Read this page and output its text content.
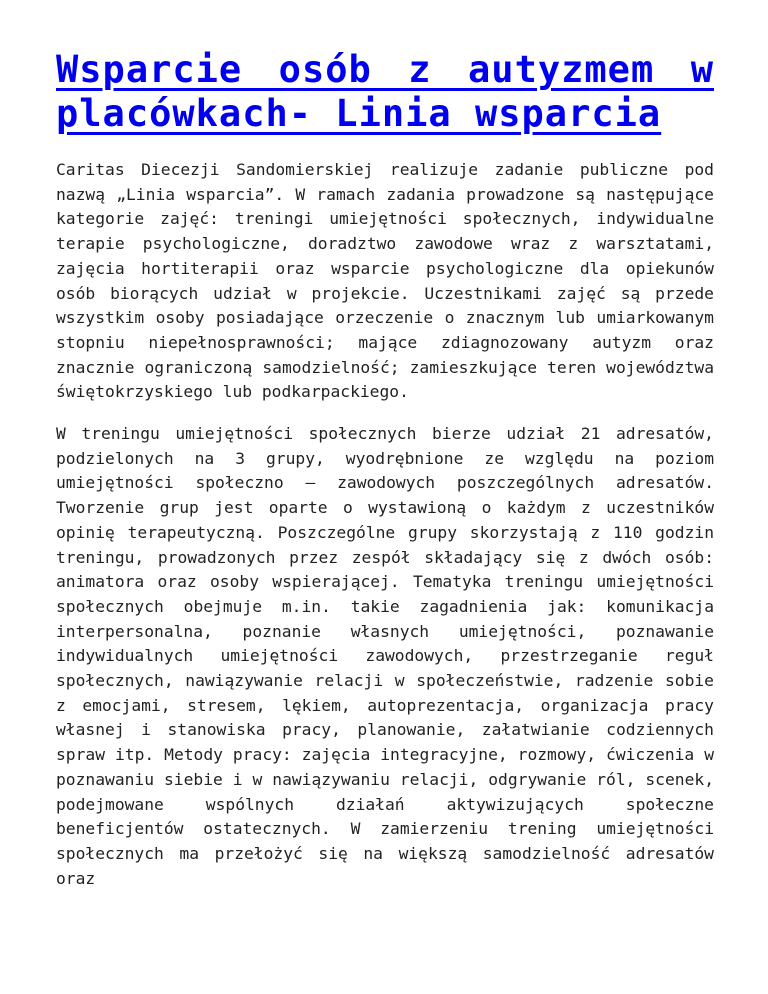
Wsparcie osób z autyzmem w placówkach- Linia wsparcia

Caritas Diecezji Sandomierskiej realizuje zadanie publiczne pod nazwą „Linia wsparcia”. W ramach zadania prowadzone są następujące kategorie zajęć: treningi umiejętności społecznych, indywidualne terapie psychologiczne, doradztwo zawodowe wraz z warsztatami, zajęcia hortiterapii oraz wsparcie psychologiczne dla opiekunów osób biorących udział w projekcie. Uczestnikami zajęć są przede wszystkim osoby posiadające orzeczenie o znacznym lub umiarkowanym stopniu niepełnosprawności; mające zdiagnozowany autyzm oraz znacznie ograniczoną samodzielność; zamieszkujące teren województwa świętokrzyskiego lub podkarpackiego.

W treningu umiejętności społecznych bierze udział 21 adresatów, podzielonych na 3 grupy, wyodrębnione ze względu na poziom umiejętności społeczno – zawodowych poszczególnych adresatów. Tworzenie grup jest oparte o wystawioną o każdym z uczestników opinię terapeutyczną. Poszczególne grupy skorzystają z 110 godzin treningu, prowadzonych przez zespół składający się z dwóch osób: animatora oraz osoby wspierającej. Tematyka treningu umiejętności społecznych obejmuje m.in. takie zagadnienia jak: komunikacja interpersonalna, poznanie własnych umiejętności, poznawanie indywidualnych umiejętności zawodowych, przestrzeganie reguł społecznych, nawiązywanie relacji w społeczeństwie, radzenie sobie z emocjami, stresem, lękiem, autoprezentacja, organizacja pracy własnej i stanowiska pracy, planowanie, załatwianie codziennych spraw itp. Metody pracy: zajęcia integracyjne, rozmowy, ćwiczenia w poznawaniu siebie i w nawiązywaniu relacji, odgrywanie ról, scenek, podejmowane wspólnych działań aktywizujących społeczne beneficjentów ostatecznych. W zamierzeniu trening umiejętności społecznych ma przełożyć się na większą samodzielność adresatów oraz
